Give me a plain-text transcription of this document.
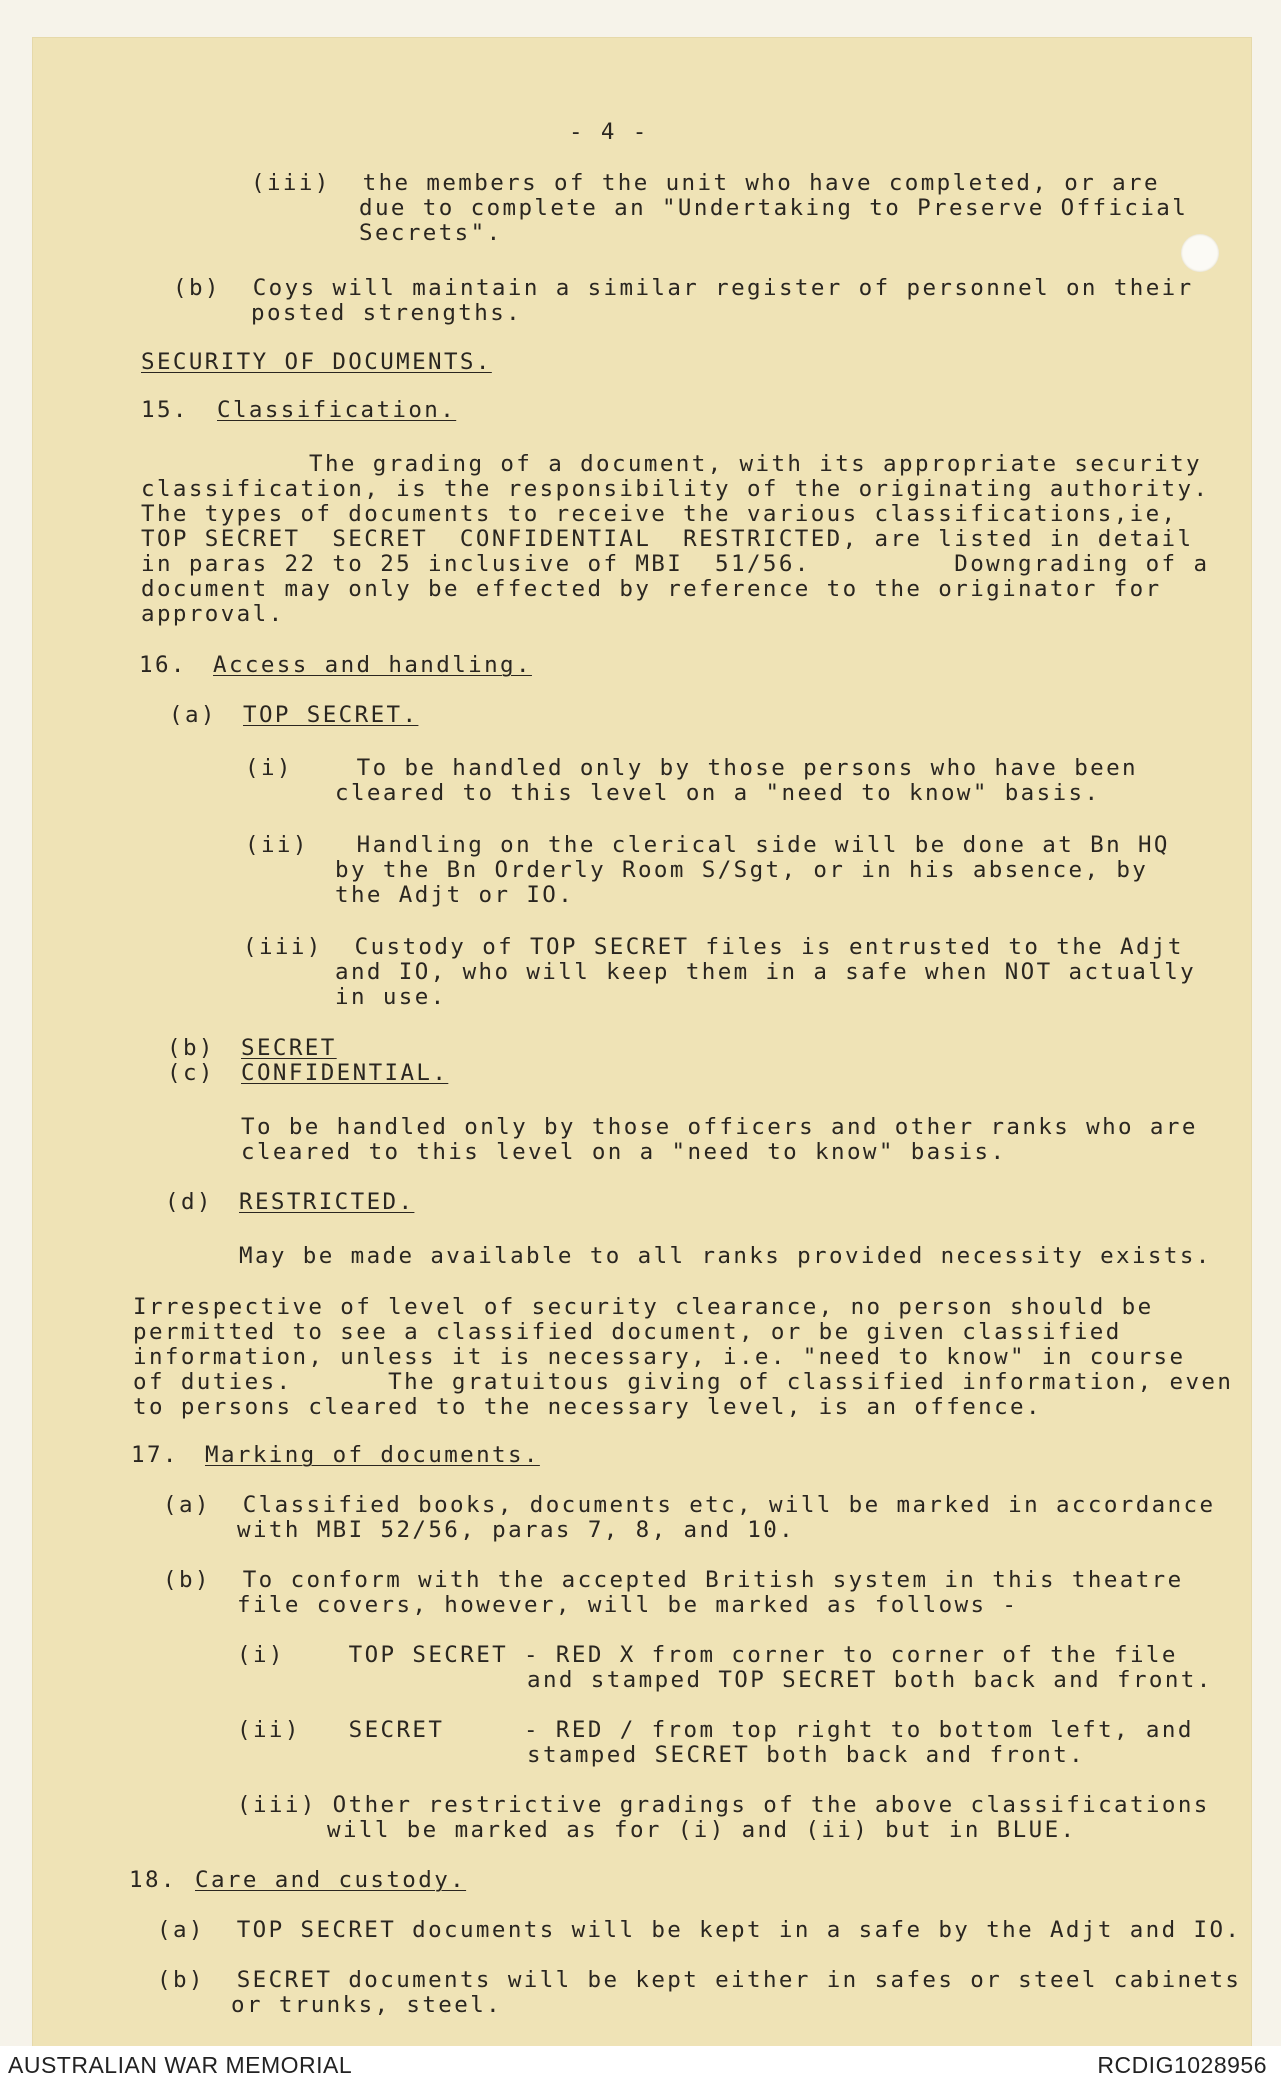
- 4 -
(iii)  the members of the unit who have completed, or are
due to complete an "Undertaking to Preserve Official
Secrets".
(b)  Coys will maintain a similar register of personnel on their
posted strengths.
SECURITY OF DOCUMENTS.
15. Classification.
The grading of a document, with its appropriate security
classification, is the responsibility of the originating authority.
The types of documents to receive the various classifications,ie,
TOP SECRET  SECRET  CONFIDENTIAL  RESTRICTED, are listed in detail
in paras 22 to 25 inclusive of MBI  51/56.         Downgrading of a
document may only be effected by reference to the originator for
approval.
16. Access and handling.
(a) TOP SECRET.
(i)    To be handled only by those persons who have been
cleared to this level on a "need to know" basis.
(ii)   Handling on the clerical side will be done at Bn HQ
by the Bn Orderly Room S/Sgt, or in his absence, by
the Adjt or IO.
(iii)  Custody of TOP SECRET files is entrusted to the Adjt
and IO, who will keep them in a safe when NOT actually
in use.
(b) SECRET
(c) CONFIDENTIAL.
To be handled only by those officers and other ranks who are
cleared to this level on a "need to know" basis.
(d) RESTRICTED.
May be made available to all ranks provided necessity exists.
Irrespective of level of security clearance, no person should be
permitted to see a classified document, or be given classified
information, unless it is necessary, i.e. "need to know" in course
of duties.      The gratuitous giving of classified information, even
to persons cleared to the necessary level, is an offence.
17. Marking of documents.
(a)  Classified books, documents etc, will be marked in accordance
with MBI 52/56, paras 7, 8, and 10.
(b)  To conform with the accepted British system in this theatre
file covers, however, will be marked as follows -
(i)    TOP SECRET - RED X from corner to corner of the file
and stamped TOP SECRET both back and front.
(ii)   SECRET     - RED / from top right to bottom left, and
stamped SECRET both back and front.
(iii) Other restrictive gradings of the above classifications
will be marked as for (i) and (ii) but in BLUE.
18. Care and custody.
(a)  TOP SECRET documents will be kept in a safe by the Adjt and IO.
(b)  SECRET documents will be kept either in safes or steel cabinets
or trunks, steel.
AUSTRALIAN WAR MEMORIAL	RCDIG1028956
